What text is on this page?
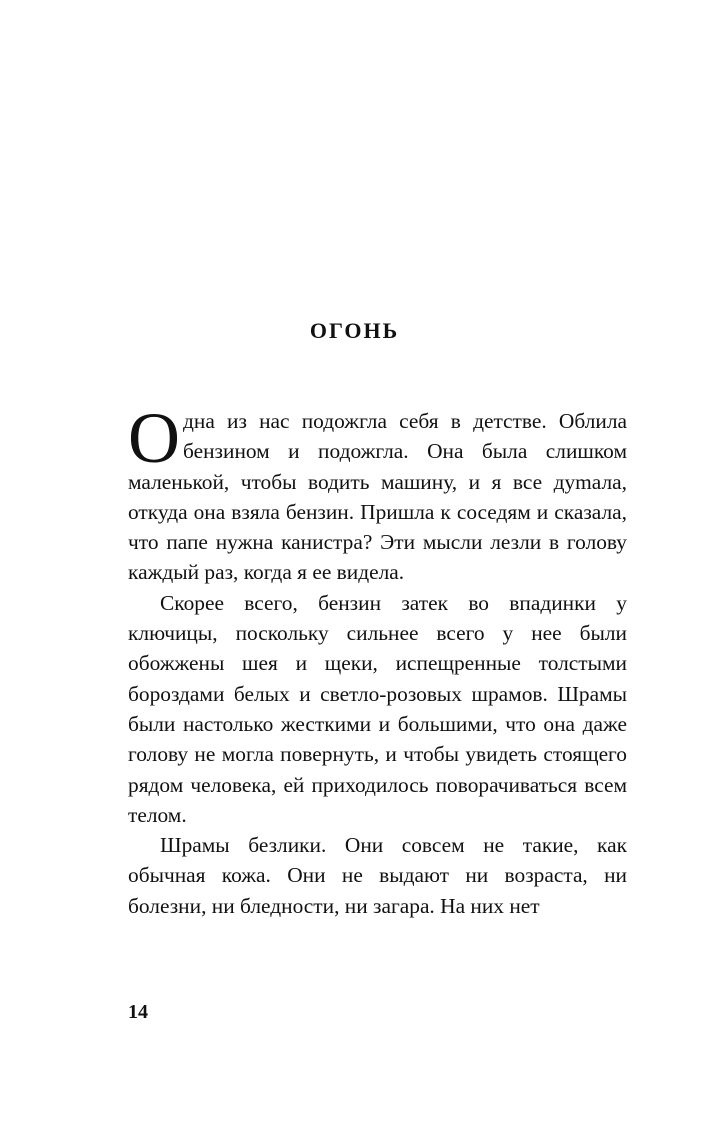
ОГОНЬ

Одна из нас подожгла себя в детстве. Облила бензином и подожгла. Она была слишком маленькой, чтобы водить машину, и я все дуmала, откуда она взяла бензин. Пришла к соседям и сказала, что папе нужна канистра? Эти мысли лезли в голову каждый раз, когда я ее видела.

Скорее всего, бензин затек во впадинки у ключицы, поскольку сильнее всего у нее были обожжены шея и щеки, испещренные толстыми бороздами белых и светло-розовых шрамов. Шрамы были настолько жесткими и большими, что она даже голову не могла повернуть, и чтобы увидеть стоящего рядом человека, ей приходилось поворачиваться всем телом.

Шрамы безлики. Они совсем не такие, как обычная кожа. Они не выдают ни возраста, ни болезни, ни бледности, ни загара. На них нет

14
